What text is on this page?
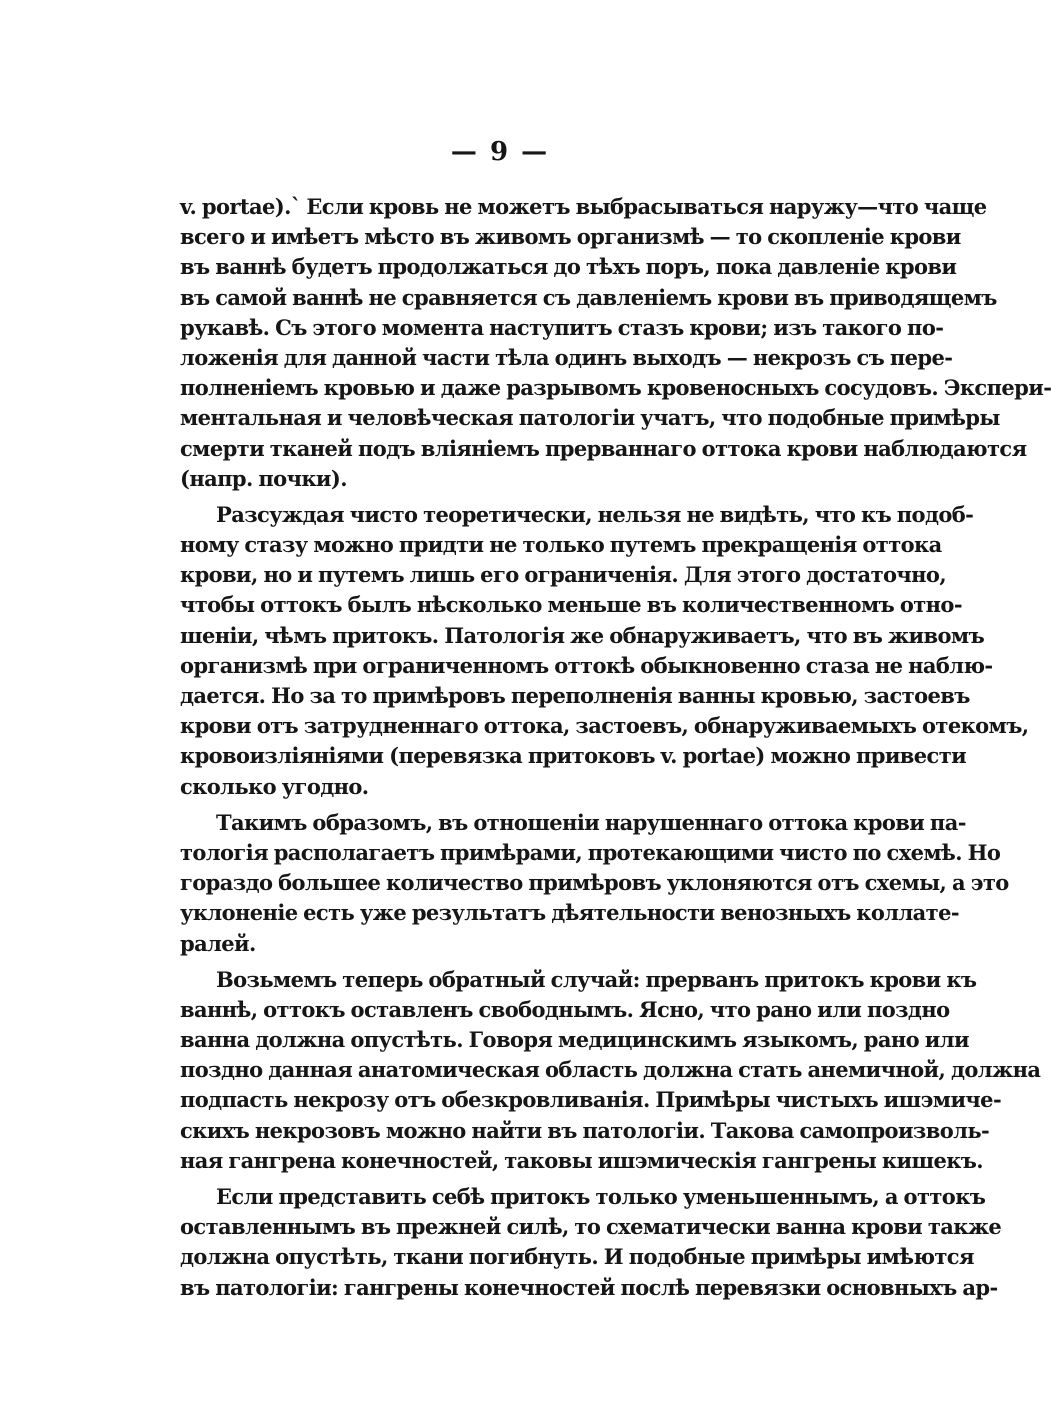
— 9 —
v. portae).` Если кровь не можетъ выбрасываться наружу—что чаще
всего и имѣетъ мѣсто въ живомъ организмѣ — то скопленіе крови
въ ваннѣ будетъ продолжаться до тѣхъ поръ, пока давленіе крови
въ самой ваннѣ не сравняется съ давленіемъ крови въ приводящемъ
рукавѣ. Съ этого момента наступитъ стазъ крови; изъ такого по-
ложенія для данной части тѣла одинъ выходъ — некрозъ съ пере-
полненіемъ кровью и даже разрывомъ кровеносныхъ сосудовъ. Экспери-
ментальная и человѣческая патологіи учатъ, что подобные примѣры
смерти тканей подъ вліяніемъ прерваннаго оттока крови наблюдаются
(напр. почки).
Разсуждая чисто теоретически, нельзя не видѣть, что къ подоб-
ному стазу можно придти не только путемъ прекращенія оттока
крови, но и путемъ лишь его ограниченія. Для этого достаточно,
чтобы оттокъ былъ нѣсколько меньше въ количественномъ отно-
шеніи, чѣмъ притокъ. Патологія же обнаруживаетъ, что въ живомъ
организмѣ при ограниченномъ оттокѣ обыкновенно стаза не наблю-
дается. Но за то примѣровъ переполненія ванны кровью, застоевъ
крови отъ затрудненнаго оттока, застоевъ, обнаруживаемыхъ отекомъ,
кровоизліяніями (перевязка притоковъ v. portae) можно привести
сколько угодно.
Такимъ образомъ, въ отношеніи нарушеннаго оттока крови па-
тологія располагаетъ примѣрами, протекающими чисто по схемѣ. Но
гораздо большее количество примѣровъ уклоняются отъ схемы, а это
уклоненіе есть уже результатъ дѣятельности венозныхъ коллате-
ралей.
Возьмемъ теперь обратный случай: прерванъ притокъ крови къ
ваннѣ, оттокъ оставленъ свободнымъ. Ясно, что рано или поздно
ванна должна опустѣть. Говоря медицинскимъ языкомъ, рано или
поздно данная анатомическая область должна стать анемичной, должна
подпасть некрозу отъ обезкровливанія. Примѣры чистыхъ ишэмиче-
скихъ некрозовъ можно найти въ патологіи. Такова самопроизволь-
ная гангрена конечностей, таковы ишэмическія гангрены кишекъ.
Если представить себѣ притокъ только уменьшеннымъ, а оттокъ
оставленнымъ въ прежней силѣ, то схематически ванна крови также
должна опустѣть, ткани погибнуть. И подобные примѣры имѣются
въ патологіи: гангрены конечностей послѣ перевязки основныхъ ар-
